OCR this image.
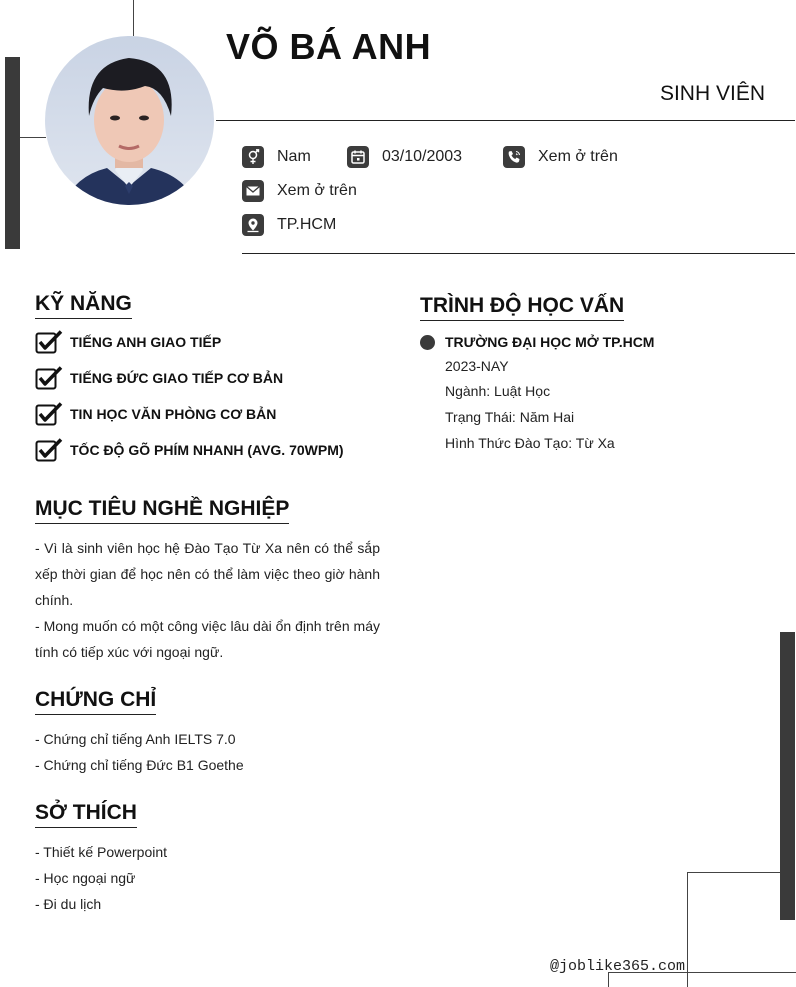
VÕ BÁ ANH
SINH VIÊN
Nam	03/10/2003	Xem ở trên
Xem ở trên
TP.HCM
KỸ NĂNG
TIẾNG ANH GIAO TIẾP
TIẾNG ĐỨC GIAO TIẾP CƠ BẢN
TIN HỌC VĂN PHÒNG CƠ BẢN
TỐC ĐỘ GÕ PHÍM NHANH (AVG. 70WPM)
MỤC TIÊU NGHỀ NGHIỆP
- Vì là sinh viên học hệ Đào Tạo Từ Xa nên có thể sắp xếp thời gian để học nên có thể làm việc theo giờ hành chính.
- Mong muốn có một công việc lâu dài ổn định trên máy tính có tiếp xúc với ngoại ngữ.
CHỨNG CHỈ
- Chứng chỉ tiếng Anh IELTS 7.0
- Chứng chỉ tiếng Đức B1 Goethe
SỞ THÍCH
- Thiết kế Powerpoint
- Học ngoại ngữ
- Đi du lịch
TRÌNH ĐỘ HỌC VẤN
TRƯỜNG ĐẠI HỌC MỞ TP.HCM
2023-NAY
Ngành: Luật Học
Trạng Thái: Năm Hai
Hình Thức Đào Tạo: Từ Xa
@joblike365.com
